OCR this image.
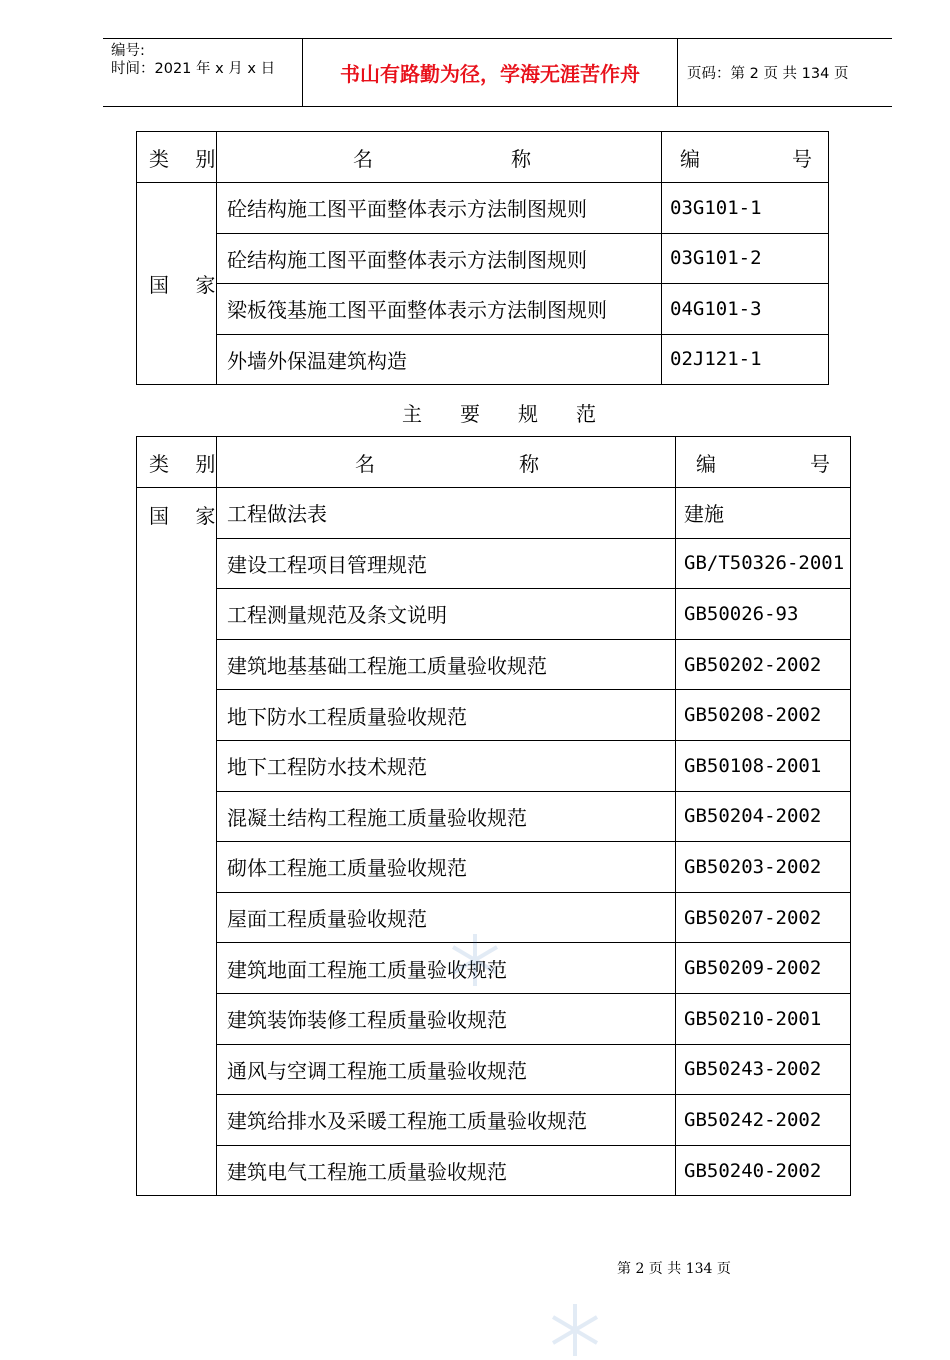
编号:
时间：2021 年 x 月 x 日	书山有路勤为径，学海无涯苦作舟	页码：第 2 页 共 134 页
类 别	名 称	编 号

国 家	砼结构施工图平面整体表示方法制图规则	03G101-1
	砼结构施工图平面整体表示方法制图规则	03G101-2
	梁板筏基施工图平面整体表示方法制图规则	04G101-3
	外墙外保温建筑构造	02J121-1
主 要 规 范
类 别	名 称	编 号

国 家	工程做法表	建施
	建设工程项目管理规范	GB/T50326-2001
	工程测量规范及条文说明	GB50026-93
	建筑地基基础工程施工质量验收规范	GB50202-2002
	地下防水工程质量验收规范	GB50208-2002
	地下工程防水技术规范	GB50108-2001
	混凝土结构工程施工质量验收规范	GB50204-2002
	砌体工程施工质量验收规范	GB50203-2002
	屋面工程质量验收规范	GB50207-2002
	建筑地面工程施工质量验收规范	GB50209-2002
	建筑装饰装修工程质量验收规范	GB50210-2001
	通风与空调工程施工质量验收规范	GB50243-2002
	建筑给排水及采暖工程施工质量验收规范	GB50242-2002
	建筑电气工程施工质量验收规范	GB50240-2002
第 2 页 共 134 页
